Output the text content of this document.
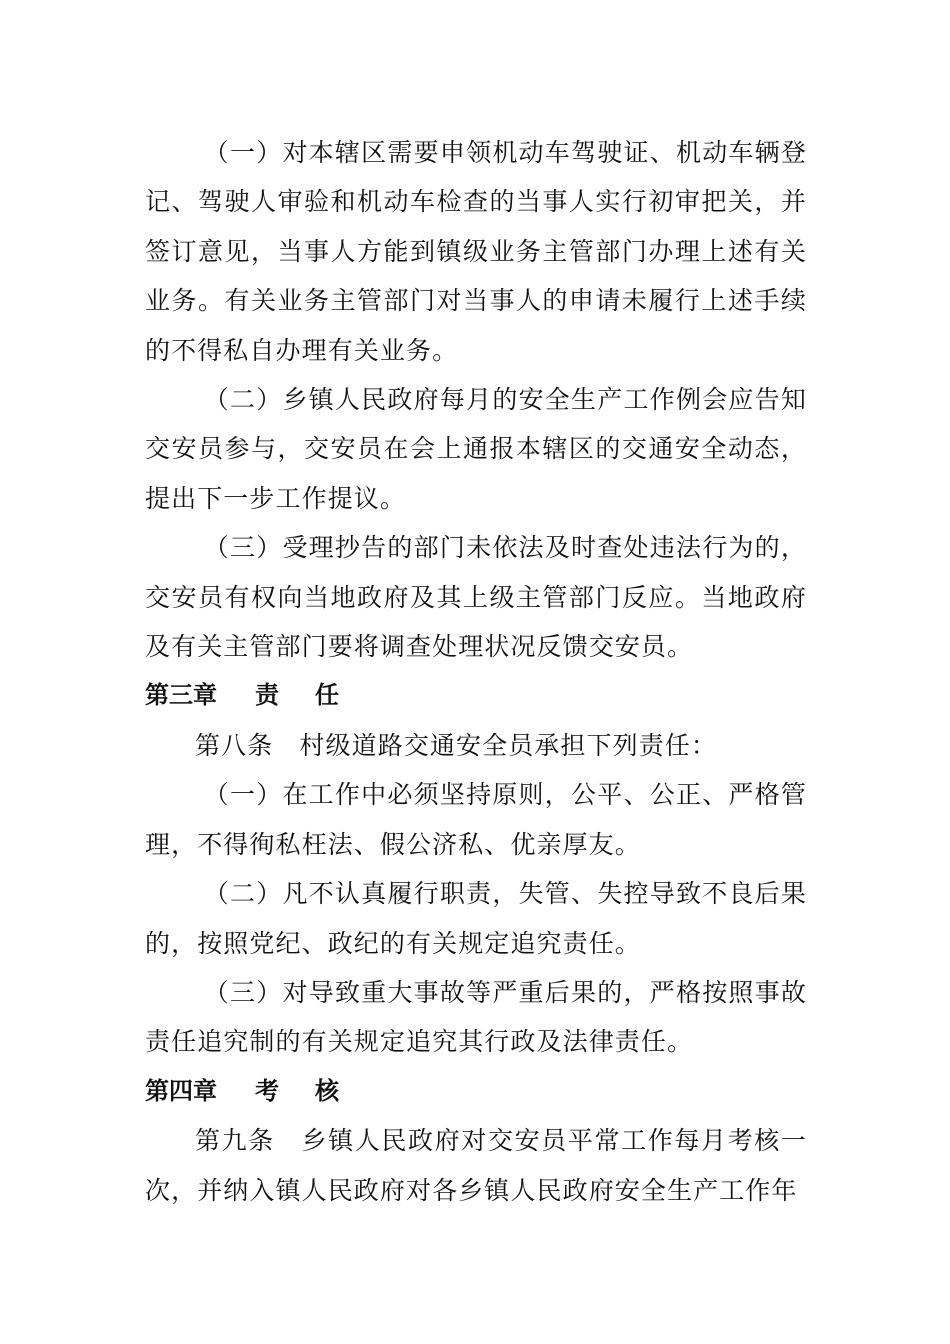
（一）对本辖区需要申领机动车驾驶证、机动车辆登记、驾驶人审验和机动车检查的当事人实行初审把关，并签订意见，当事人方能到镇级业务主管部门办理上述有关业务。有关业务主管部门对当事人的申请未履行上述手续的不得私自办理有关业务。

（二）乡镇人民政府每月的安全生产工作例会应告知交安员参与，交安员在会上通报本辖区的交通安全动态，提出下一步工作提议。

（三）受理抄告的部门未依法及时查处违法行为的，交安员有权向当地政府及其上级主管部门反应。当地政府及有关主管部门要将调查处理状况反馈交安员。

第三章 责 任

第八条　村级道路交通安全员承担下列责任：

（一）在工作中必须坚持原则，公平、公正、严格管理，不得徇私枉法、假公济私、优亲厚友。

（二）凡不认真履行职责，失管、失控导致不良后果的，按照党纪、政纪的有关规定追究责任。

（三）对导致重大事故等严重后果的，严格按照事故责任追究制的有关规定追究其行政及法律责任。

第四章 考 核

第九条　乡镇人民政府对交安员平常工作每月考核一次，并纳入镇人民政府对各乡镇人民政府安全生产工作年
